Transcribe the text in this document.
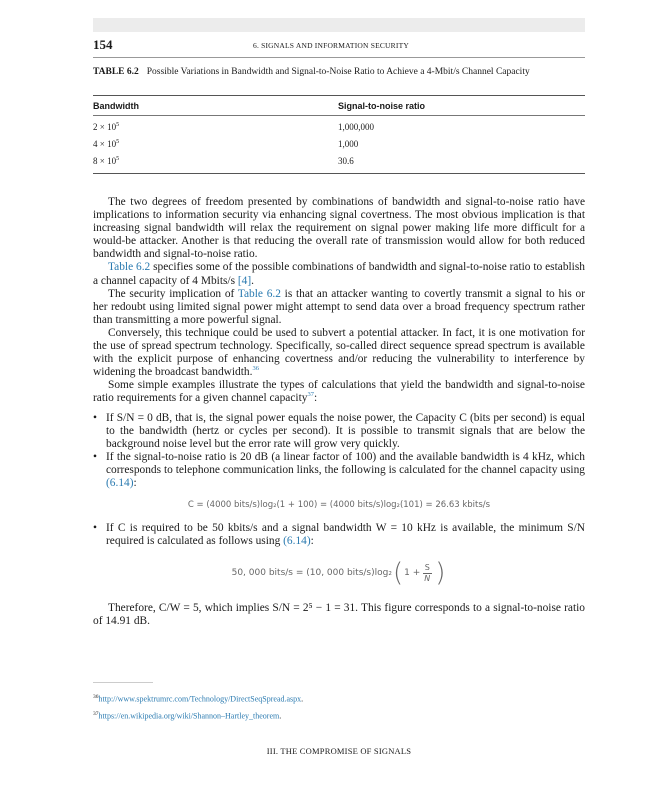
154	6. SIGNALS AND INFORMATION SECURITY
TABLE 6.2 Possible Variations in Bandwidth and Signal-to-Noise Ratio to Achieve a 4-Mbit/s Channel Capacity
Bandwidth	Signal-to-noise ratio
$2 \times 10^5$	1,000,000
$4 \times 10^5$	1,000
$8 \times 10^5$	30.6

The two degrees of freedom presented by combinations of bandwidth and signal-to-noise ratio have implications to information security via enhancing signal covertness. The most obvious implication is that increasing signal bandwidth will relax the requirement on signal power making life more difficult for a would-be attacker. Another is that reducing the overall rate of transmission would allow for both reduced bandwidth and signal-to-noise ratio.

Table 6.2 specifies some of the possible combinations of bandwidth and signal-to-noise ratio to establish a channel capacity of 4 Mbits/s [4].

The security implication of Table 6.2 is that an attacker wanting to covertly transmit a signal to his or her redoubt using limited signal power might attempt to send data over a broad frequency spectrum rather than transmitting a more powerful signal.

Conversely, this technique could be used to subvert a potential attacker. In fact, it is one motivation for the use of spread spectrum technology. Specifically, so-called direct sequence spread spectrum is available with the explicit purpose of enhancing covertness and/or reducing the vulnerability to interference by widening the broadcast bandwidth.$^{36}$

Some simple examples illustrate the types of calculations that yield the bandwidth and signal-to-noise ratio requirements for a given channel capacity$^{37}$:

• If S/N = 0 dB, that is, the signal power equals the noise power, the Capacity C (bits per second) is equal to the bandwidth (hertz or cycles per second). It is possible to transmit signals that are below the background noise level but the error rate will grow very quickly.
• If the signal-to-noise ratio is 20 dB (a linear factor of 100) and the available bandwidth is 4 kHz, which corresponds to telephone communication links, the following is calculated for the channel capacity using (6.14):
C = (4000 bits/s)log₂(1 + 100) = (4000 bits/s)log₂(101) = 26.63 kbits/s
• If C is required to be 50 kbits/s and a signal bandwidth W = 10 kHz is available, the minimum S/N required is calculated as follows using (6.14):
50, 000 bits/s = (10, 000 bits/s)log₂ ( $1 + \frac{S}{N}$ )

Therefore, C/W = 5, which implies S/N = 2⁵ − 1 = 31. This figure corresponds to a signal-to-noise ratio of 14.91 dB.

$^{36}$http://www.spektrumrc.com/Technology/DirectSeqSpread.aspx.
$^{37}$https://en.wikipedia.org/wiki/Shannon–Hartley_theorem.
III. THE COMPROMISE OF SIGNALS
